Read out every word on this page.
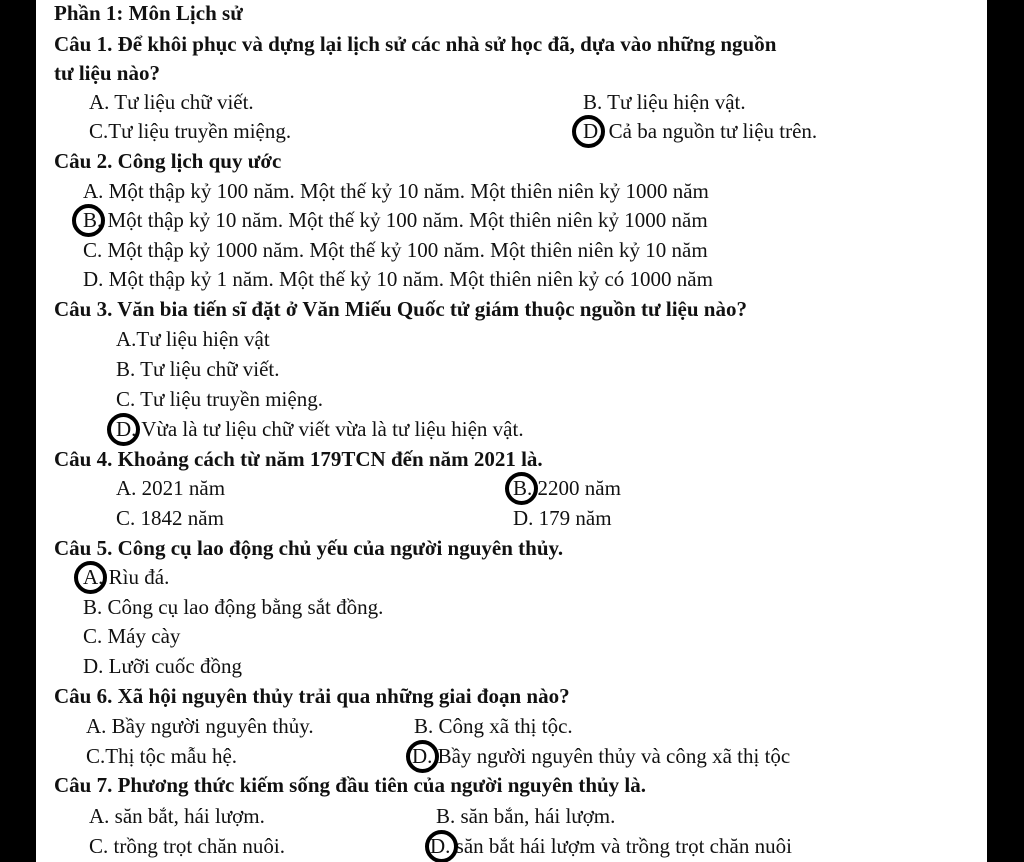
Phần 1: Môn Lịch sử
Câu 1. Để khôi phục và dựng lại lịch sử các nhà sử học đã, dựa vào những nguồn
tư liệu nào?
A. Tư liệu chữ viết.	B. Tư liệu hiện vật.
C.Tư liệu truyền miệng.	D. Cả ba nguồn tư liệu trên.
Câu 2. Công lịch quy ước
A. Một thập kỷ 100 năm. Một thế kỷ 10 năm. Một thiên niên kỷ 1000 năm
B. Một thập kỷ 10 năm. Một thế kỷ 100 năm. Một thiên niên kỷ 1000 năm
C. Một thập kỷ 1000 năm. Một thế kỷ 100 năm. Một thiên niên kỷ 10 năm
D. Một thập kỷ 1 năm. Một thế kỷ 10 năm. Một thiên niên kỷ có 1000 năm
Câu 3. Văn bia tiến sĩ đặt ở Văn Miếu Quốc tử giám thuộc nguồn tư liệu nào?
A.Tư liệu hiện vật
B. Tư liệu chữ viết.
C. Tư liệu truyền miệng.
D. Vừa là tư liệu chữ viết vừa là tư liệu hiện vật.
Câu 4. Khoảng cách từ năm 179TCN đến năm 2021 là.
A. 2021 năm	B. 2200 năm
C. 1842 năm	D. 179 năm
Câu 5. Công cụ lao động chủ yếu của người nguyên thủy.
A. Rìu đá.
B. Công cụ lao động bằng sắt đồng.
C. Máy cày
D. Lưỡi cuốc đồng
Câu 6. Xã hội nguyên thủy trải qua những giai đoạn nào?
A. Bầy người nguyên thủy.	B. Công xã thị tộc.
C.Thị tộc mẫu hệ.	D. Bầy người nguyên thủy và công xã thị tộc
Câu 7. Phương thức kiếm sống đầu tiên của người nguyên thủy là.
A. săn bắt, hái lượm.	B. săn bắn, hái lượm.
C. trồng trọt chăn nuôi.	D. săn bắt hái lượm và trồng trọt chăn nuôi
